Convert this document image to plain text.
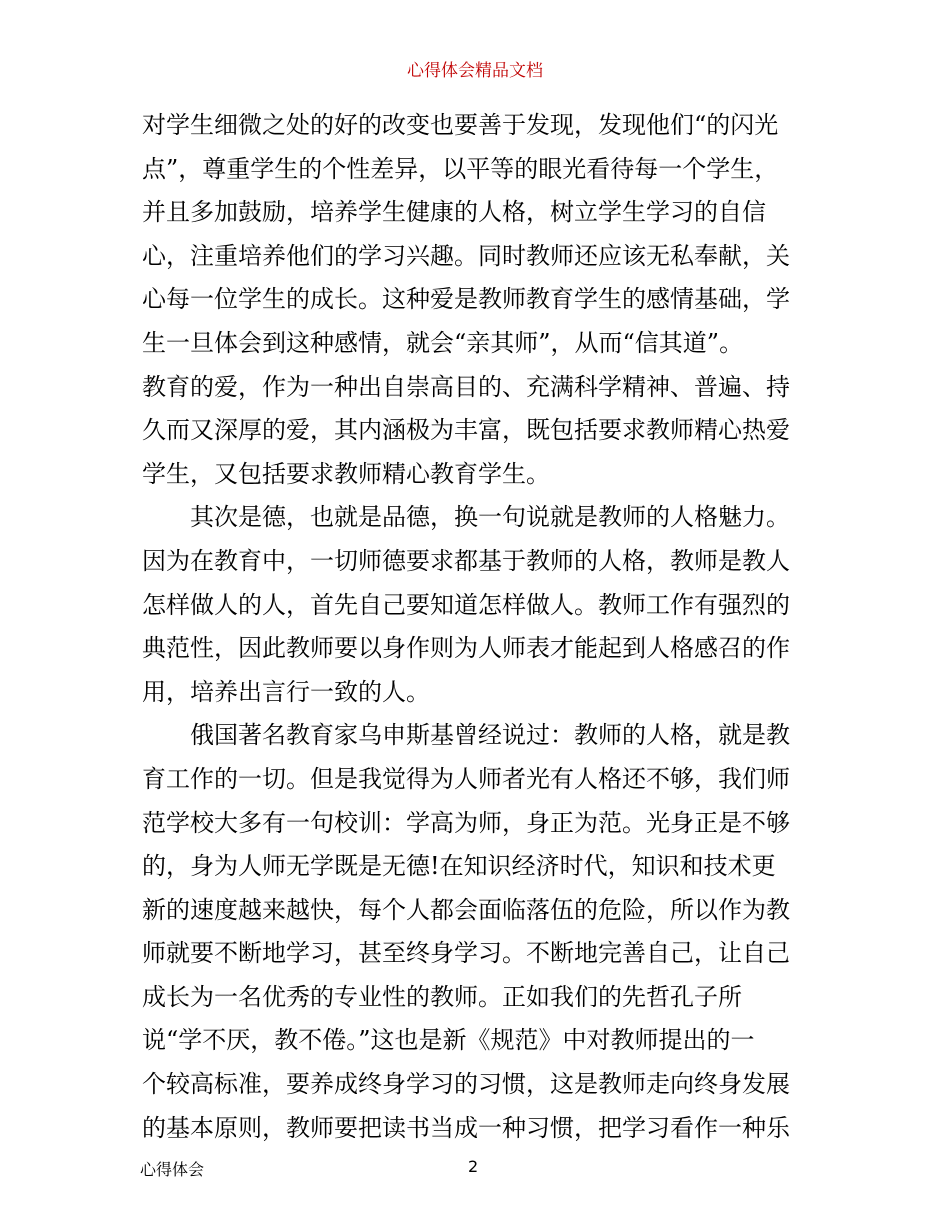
心得体会精品文档
对学生细微之处的好的改变也要善于发现，发现他们“的闪光
点”，尊重学生的个性差异，以平等的眼光看待每一个学生，
并且多加鼓励，培养学生健康的人格，树立学生学习的自信
心，注重培养他们的学习兴趣。同时教师还应该无私奉献，关
心每一位学生的成长。这种爱是教师教育学生的感情基础，学
生一旦体会到这种感情，就会“亲其师”，从而“信其道”。
教育的爱，作为一种出自崇高目的、充满科学精神、普遍、持
久而又深厚的爱，其内涵极为丰富，既包括要求教师精心热爱
学生，又包括要求教师精心教育学生。
其次是德，也就是品德，换一句说就是教师的人格魅力。
因为在教育中，一切师德要求都基于教师的人格，教师是教人
怎样做人的人，首先自己要知道怎样做人。教师工作有强烈的
典范性，因此教师要以身作则为人师表才能起到人格感召的作
用，培养出言行一致的人。
俄国著名教育家乌申斯基曾经说过：教师的人格，就是教
育工作的一切。但是我觉得为人师者光有人格还不够，我们师
范学校大多有一句校训：学高为师，身正为范。光身正是不够
的，身为人师无学既是无德!在知识经济时代，知识和技术更
新的速度越来越快，每个人都会面临落伍的危险，所以作为教
师就要不断地学习，甚至终身学习。不断地完善自己，让自己
成长为一名优秀的专业性的教师。正如我们的先哲孔子所
说“学不厌，教不倦。”这也是新《规范》中对教师提出的一
个较高标准，要养成终身学习的习惯，这是教师走向终身发展
的基本原则，教师要把读书当成一种习惯，把学习看作一种乐
心得体会	2
